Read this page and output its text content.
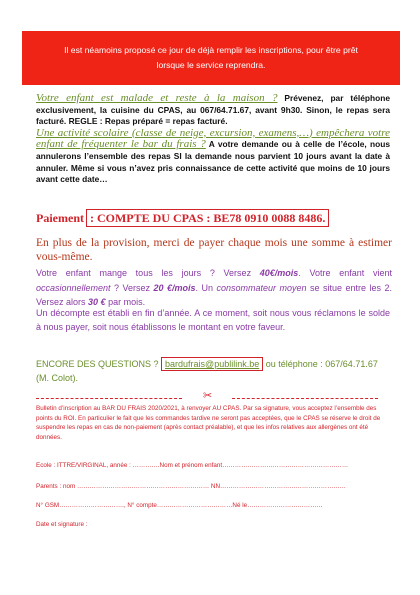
Il est néamoins proposé ce jour de déjà remplir les inscriptions, pour être prêt
lorsque le service reprendra.
Votre enfant est malade et reste à la maison ? Prévenez, par téléphone exclusivement, la cuisine du CPAS, au 067/64.71.67, avant 9h30. Sinon, le repas sera facturé. REGLE : Repas préparé = repas facturé.
Une activité scolaire (classe de neige, excursion, examens,…) empêchera votre enfant de fréquenter le bar du frais ? A votre demande ou à celle de l’école, nous annulerons l’ensemble des repas SI la demande nous parvient 10 jours avant la date à annuler. Même si vous n’avez pris connaissance de cette activité que moins de 10 jours avant cette date…
Paiement : COMPTE DU CPAS : BE78 0910 0088 8486.
En plus de la provision, merci de payer chaque mois une somme à estimer vous-même.
Votre enfant mange tous les jours ? Versez 40€/mois. Votre enfant vient occasionnellement ? Versez 20 €/mois. Un consommateur moyen se situe entre les 2. Versez alors 30 € par mois.
Un décompte est établi en fin d’année. A ce moment, soit nous vous réclamons le solde à nous payer, soit nous établissons le montant en votre faveur.
ENCORE DES QUESTIONS ? bardufrais@publilink.be ou téléphone : 067/64.71.67 (M. Colot).
✂
Bulletin d’inscription au BAR DU FRAIS 2020/2021, à renvoyer AU CPAS. Par sa signature, vous acceptez l’ensemble des points du ROI. En particulier le fait que les commandes tardive ne seront pas acceptées, que le CPAS se réserve le droit de suspendre les repas en cas de non-paiement (après contact préalable), et que les infos relatives aux allergènes ont été données.
Ecole : ITTRE/VIRGINAL, année : ………….Nom et prénom enfant……………………………………………………
Parents : nom ……………………………………………………… NN……………………………………………………
N° GSM…………………………., N° compte………………………………Né le………………………………
Date et signature :
